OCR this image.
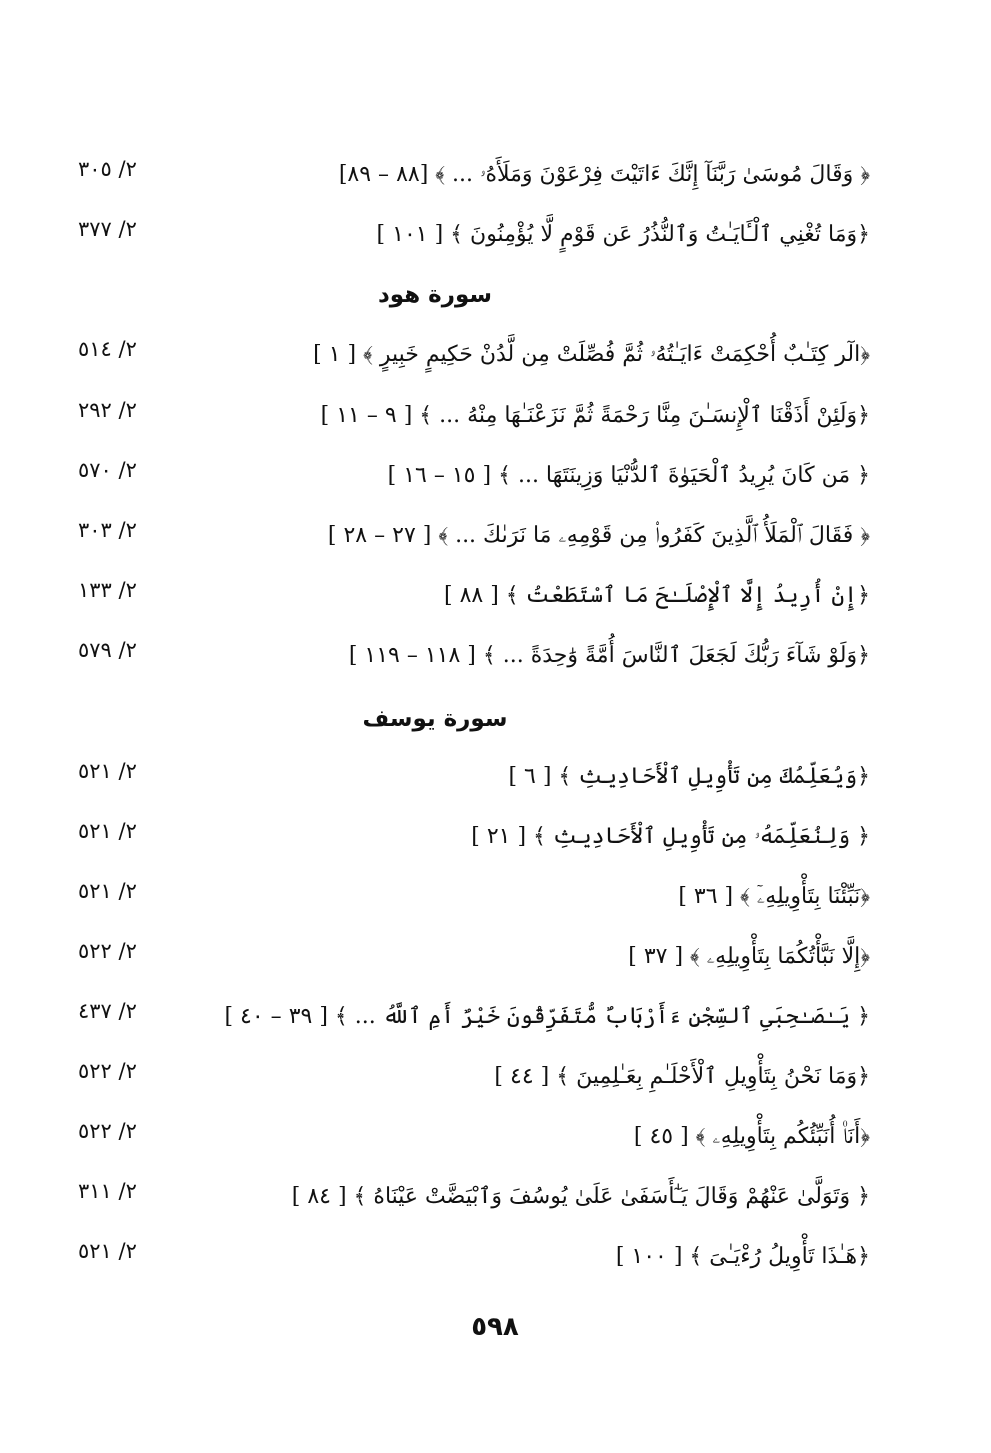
﴿ وَقَالَ مُوسَىٰ رَبَّنَآ إِنَّكَ ءَاتَيْتَ فِرْعَوْنَ وَمَلَأَهُۥ ... ﴾ [٨٨ – ٨٩]
٢/ ٣٠٥
﴿وَمَا تُغْنِي ٱلْـَٔايَـٰتُ وَٱلنُّذُرُ عَن قَوْمٍ لَّا يُؤْمِنُونَ ﴾ [ ١٠١ ]
٢/ ٣٧٧
سورة هود
﴿الٓر كِتَـٰبٌ أُحْكِمَتْ ءَايَـٰتُهُۥ ثُمَّ فُصِّلَتْ مِن لَّدُنْ حَكِيمٍ خَبِيرٍ ﴾ [ ١ ]
٢/ ٥١٤
﴿وَلَئِنْ أَذَقْنَا ٱلْإِنسَـٰنَ مِنَّا رَحْمَةً ثُمَّ نَزَعْنَـٰهَا مِنْهُ ... ﴾ [ ٩ – ١١ ]
٢/ ٢٩٢
﴿ مَن كَانَ يُرِيدُ ٱلْحَيَوٰةَ ٱلدُّنْيَا وَزِينَتَهَا ... ﴾ [ ١٥ – ١٦ ]
٢/ ٥٧٠
﴿ فَقَالَ ٱلْمَلَأُ ٱلَّذِينَ كَفَرُوا۟ مِن قَوْمِهِۦ مَا نَرَىٰكَ ... ﴾ [ ٢٧ – ٢٨ ]
٢/ ٣٠٣
﴿إِنْ أُرِيدُ إِلَّا ٱلْإِصْلَـٰحَ مَا ٱسْتَطَعْتُ ﴾ [ ٨٨ ]
٢/ ١٣٣
﴿وَلَوْ شَآءَ رَبُّكَ لَجَعَلَ ٱلنَّاسَ أُمَّةً وَٰحِدَةً ... ﴾ [ ١١٨ – ١١٩ ]
٢/ ٥٧٩
سورة يوسف
﴿وَيُعَلِّمُكَ مِن تَأْوِيلِ ٱلْأَحَادِيثِ ﴾ [ ٦ ]
٢/ ٥٢١
﴿ وَلِنُعَلِّمَهُۥ مِن تَأْوِيلِ ٱلْأَحَادِيثِ ﴾ [ ٢١ ]
٢/ ٥٢١
﴿نَبِّئْنَا بِتَأْوِيلِهِۦٓ ﴾ [ ٣٦ ]
٢/ ٥٢١
﴿إِلَّا نَبَّأْتُكُمَا بِتَأْوِيلِهِۦ ﴾ [ ٣٧ ]
٢/ ٥٢٢
﴿ يَـٰصَـٰحِبَىِ ٱلسِّجْنِ ءَأَرْبَابٌ مُّتَفَرِّقُونَ خَيْرٌ أَمِ ٱللَّهُ ... ﴾ [ ٣٩ – ٤٠ ]
٢/ ٤٣٧
﴿وَمَا نَحْنُ بِتَأْوِيلِ ٱلْأَحْلَـٰمِ بِعَـٰلِمِينَ ﴾ [ ٤٤ ]
٢/ ٥٢٢
﴿أَنَا۠ أُنَبِّئُكُم بِتَأْوِيلِهِۦ ﴾ [ ٤٥ ]
٢/ ٥٢٢
﴿ وَتَوَلَّىٰ عَنْهُمْ وَقَالَ يَـٰٓأَسَفَىٰ عَلَىٰ يُوسُفَ وَٱبْيَضَّتْ عَيْنَاهُ ﴾ [ ٨٤ ]
٢/ ٣١١
﴿هَـٰذَا تَأْوِيلُ رُءْيَـٰىَ ﴾ [ ١٠٠ ]
٢/ ٥٢١
٥٩٨
